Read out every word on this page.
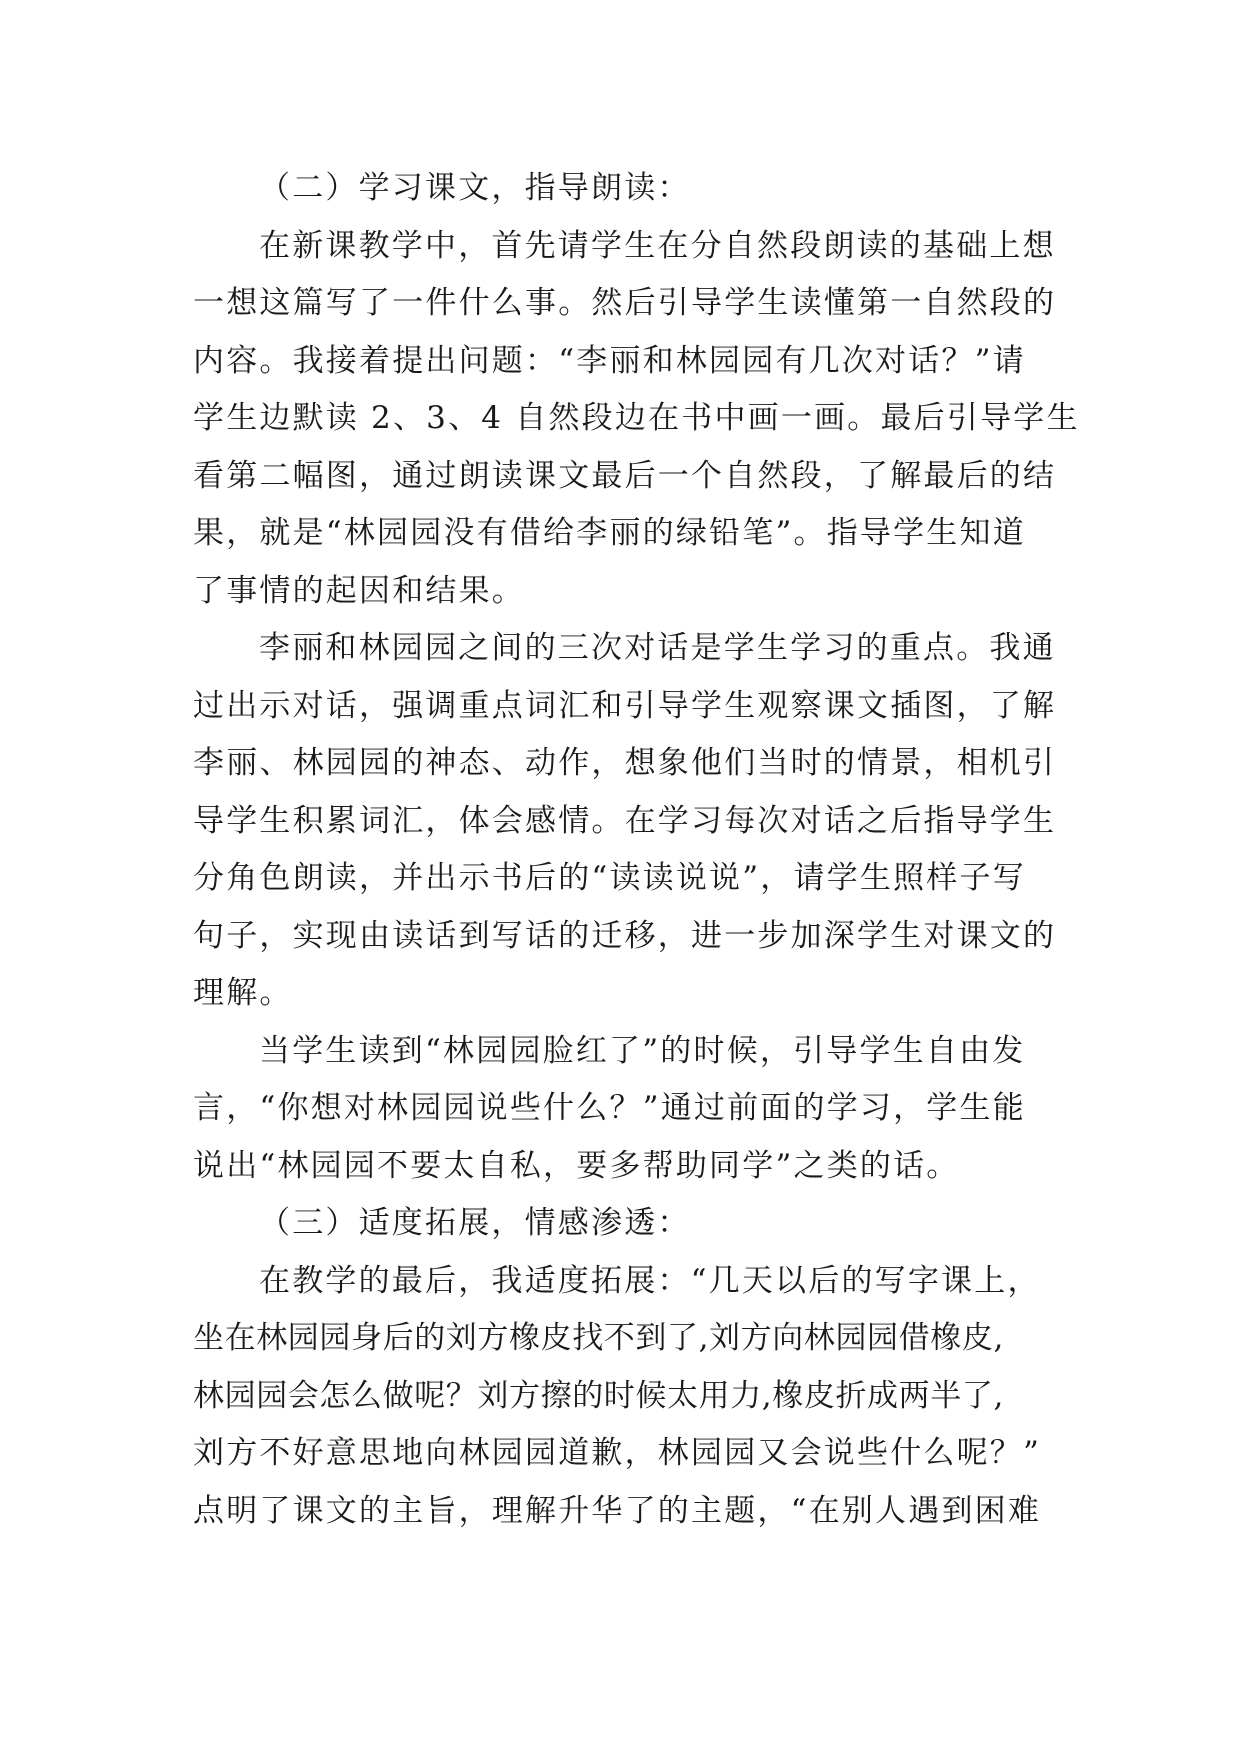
（二）学习课文，指导朗读：
在新课教学中，首先请学生在分自然段朗读的基础上想
一想这篇写了一件什么事。然后引导学生读懂第一自然段的
内容。我接着提出问题：“李丽和林园园有几次对话？”请
学生边默读 2、3、4 自然段边在书中画一画。最后引导学生
看第二幅图，通过朗读课文最后一个自然段，了解最后的结
果，就是“林园园没有借给李丽的绿铅笔”。指导学生知道
了事情的起因和结果。
李丽和林园园之间的三次对话是学生学习的重点。我通
过出示对话，强调重点词汇和引导学生观察课文插图，了解
李丽、林园园的神态、动作，想象他们当时的情景，相机引
导学生积累词汇，体会感情。在学习每次对话之后指导学生
分角色朗读，并出示书后的“读读说说”，请学生照样子写
句子，实现由读话到写话的迁移，进一步加深学生对课文的
理解。
当学生读到“林园园脸红了”的时候，引导学生自由发
言，“你想对林园园说些什么？”通过前面的学习，学生能
说出“林园园不要太自私，要多帮助同学”之类的话。
（三）适度拓展，情感渗透：
在教学的最后，我适度拓展：“几天以后的写字课上，
坐在林园园身后的刘方橡皮找不到了,刘方向林园园借橡皮,
林园园会怎么做呢？刘方擦的时候太用力,橡皮折成两半了,
刘方不好意思地向林园园道歉，林园园又会说些什么呢？”
点明了课文的主旨，理解升华了的主题，“在别人遇到困难
